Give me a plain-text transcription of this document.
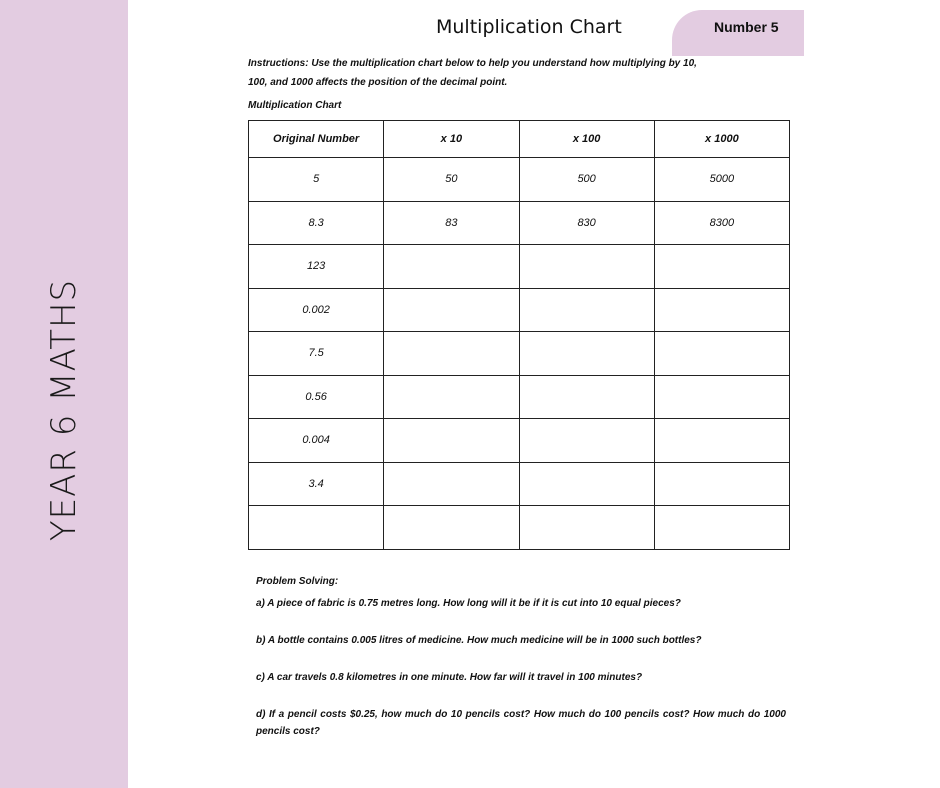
YEAR 6 MATHS
Number 5
Multiplication Chart
Instructions: Use the multiplication chart below to help you understand how multiplying by 10, 100, and 1000 affects the position of the decimal point.
Multiplication Chart
Original Number	x 10	x 100	x 1000
5	50	500	5000
8.3	83	830	8300
123			
0.002			
7.5			
0.56			
0.004			
3.4			

Problem Solving:
a) A piece of fabric is 0.75 metres long. How long will it be if it is cut into 10 equal pieces?
b) A bottle contains 0.005 litres of medicine. How much medicine will be in 1000 such bottles?
c) A car travels 0.8 kilometres in one minute. How far will it travel in 100 minutes?
d) If a pencil costs $0.25, how much do 10 pencils cost? How much do 100 pencils cost? How much do 1000 pencils cost?
